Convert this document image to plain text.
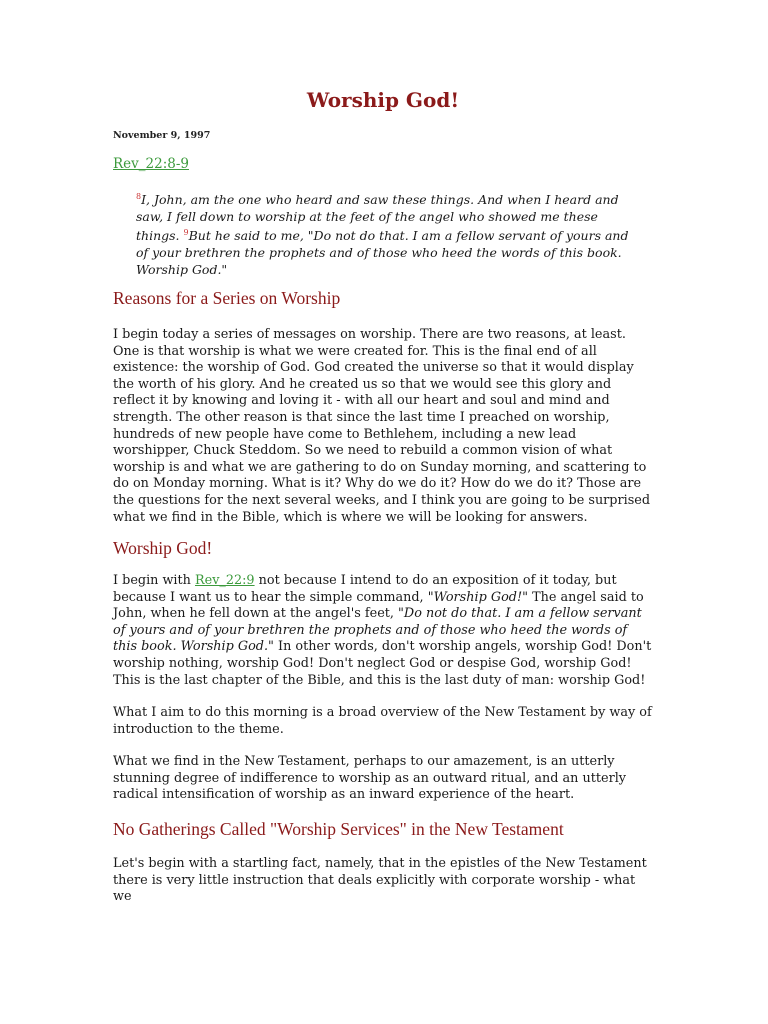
Worship God!
November 9, 1997
Rev_22:8-9
$^8$I, John, am the one who heard and saw these things. And when I heard and saw, I fell down to worship at the feet of the angel who showed me these things. $^9$But he said to me, "Do not do that. I am a fellow servant of yours and of your brethren the prophets and of those who heed the words of this book. Worship God."
Reasons for a Series on Worship

I begin today a series of messages on worship. There are two reasons, at least. One is that worship is what we were created for. This is the final end of all existence: the worship of God. God created the universe so that it would display the worth of his glory. And he created us so that we would see this glory and reflect it by knowing and loving it - with all our heart and soul and mind and strength. The other reason is that since the last time I preached on worship, hundreds of new people have come to Bethlehem, including a new lead worshipper, Chuck Steddom. So we need to rebuild a common vision of what worship is and what we are gathering to do on Sunday morning, and scattering to do on Monday morning. What is it? Why do we do it? How do we do it? Those are the questions for the next several weeks, and I think you are going to be surprised what we find in the Bible, which is where we will be looking for answers.

Worship God!

I begin with Rev_22:9 not because I intend to do an exposition of it today, but because I want us to hear the simple command, "Worship God!" The angel said to John, when he fell down at the angel's feet, "Do not do that. I am a fellow servant of yours and of your brethren the prophets and of those who heed the words of this book. Worship God." In other words, don't worship angels, worship God! Don't worship nothing, worship God! Don't neglect God or despise God, worship God! This is the last chapter of the Bible, and this is the last duty of man: worship God!

What I aim to do this morning is a broad overview of the New Testament by way of introduction to the theme.

What we find in the New Testament, perhaps to our amazement, is an utterly stunning degree of indifference to worship as an outward ritual, and an utterly radical intensification of worship as an inward experience of the heart.

No Gatherings Called "Worship Services" in the New Testament

Let's begin with a startling fact, namely, that in the epistles of the New Testament there is very little instruction that deals explicitly with corporate worship - what we
